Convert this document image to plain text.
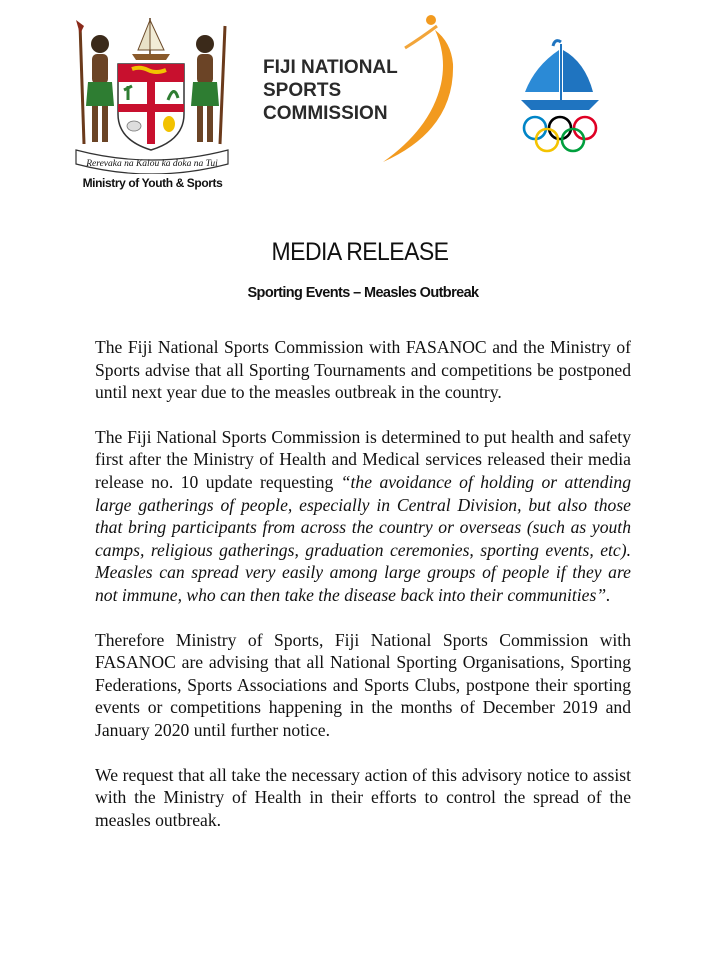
Rerevaka na Kalou ka doka na Tui
Ministry of Youth & Sports
FIJI NATIONAL
SPORTS
COMMISSION
MEDIA RELEASE
Sporting Events – Measles Outbreak

The Fiji National Sports Commission with FASANOC and the Ministry of Sports advise that all Sporting Tournaments and competitions be postponed until next year due to the measles outbreak in the country.

The Fiji National Sports Commission is determined to put health and safety first after the Ministry of Health and Medical services released their media release no. 10 update requesting “the avoidance of holding or attending large gatherings of people, especially in Central Division, but also those that bring participants from across the country or overseas (such as youth camps, religious gatherings, graduation ceremonies, sporting events, etc). Measles can spread very easily among large groups of people if they are not immune, who can then take the disease back into their communities”.

Therefore Ministry of Sports, Fiji National Sports Commission with FASANOC are advising that all National Sporting Organisations, Sporting Federations, Sports Associations and Sports Clubs, postpone their sporting events or competitions happening in the months of December 2019 and January 2020 until further notice.

We request that all take the necessary action of this advisory notice to assist with the Ministry of Health in their efforts to control the spread of the measles outbreak.
